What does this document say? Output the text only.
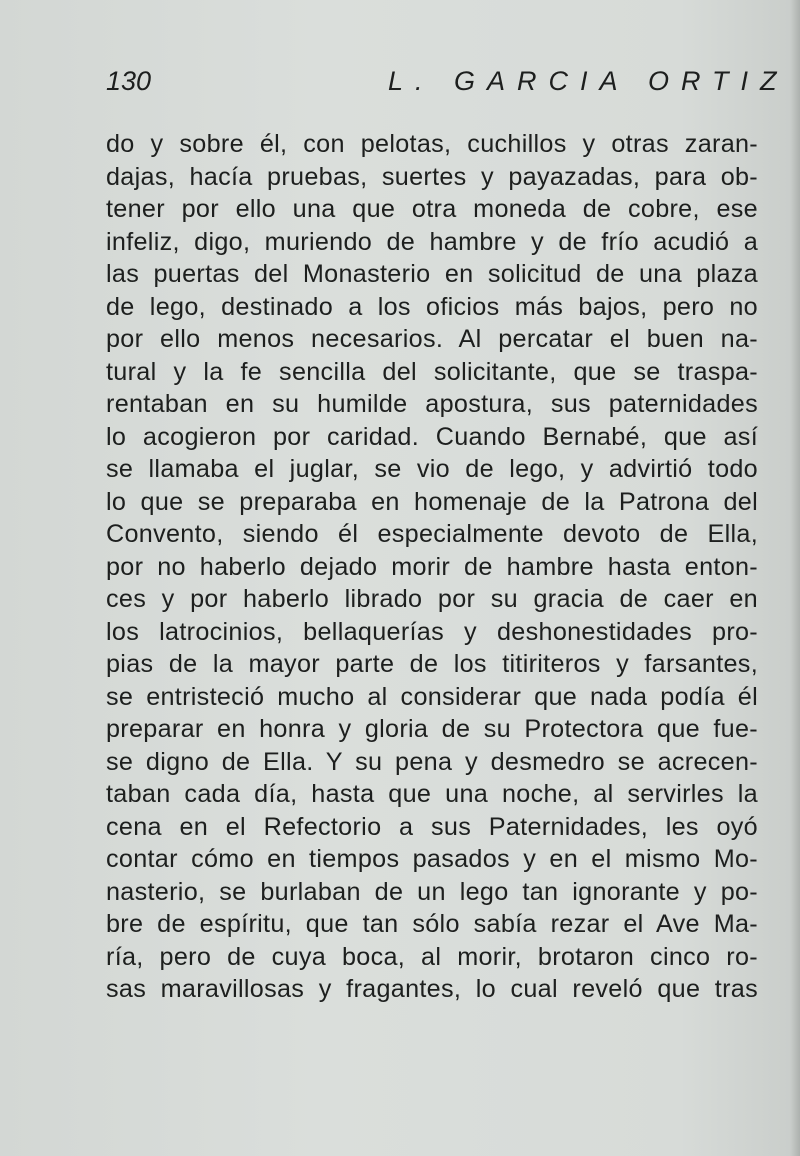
130	L. GARCIA ORTIZ
do y sobre él, con pelotas, cuchillos y otras zaran-
dajas, hacía pruebas, suertes y payazadas, para ob-
tener por ello una que otra moneda de cobre, ese
infeliz, digo, muriendo de hambre y de frío acudió a
las puertas del Monasterio en solicitud de una plaza
de lego, destinado a los oficios más bajos, pero no
por ello menos necesarios. Al percatar el buen na-
tural y la fe sencilla del solicitante, que se traspa-
rentaban en su humilde apostura, sus paternidades
lo acogieron por caridad. Cuando Bernabé, que así
se llamaba el juglar, se vio de lego, y advirtió todo
lo que se preparaba en homenaje de la Patrona del
Convento, siendo él especialmente devoto de Ella,
por no haberlo dejado morir de hambre hasta enton-
ces y por haberlo librado por su gracia de caer en
los latrocinios, bellaquerías y deshonestidades pro-
pias de la mayor parte de los titiriteros y farsantes,
se entristeció mucho al considerar que nada podía él
preparar en honra y gloria de su Protectora que fue-
se digno de Ella. Y su pena y desmedro se acrecen-
taban cada día, hasta que una noche, al servirles la
cena en el Refectorio a sus Paternidades, les oyó
contar cómo en tiempos pasados y en el mismo Mo-
nasterio, se burlaban de un lego tan ignorante y po-
bre de espíritu, que tan sólo sabía rezar el Ave Ma-
ría, pero de cuya boca, al morir, brotaron cinco ro-
sas maravillosas y fragantes, lo cual reveló que tras
